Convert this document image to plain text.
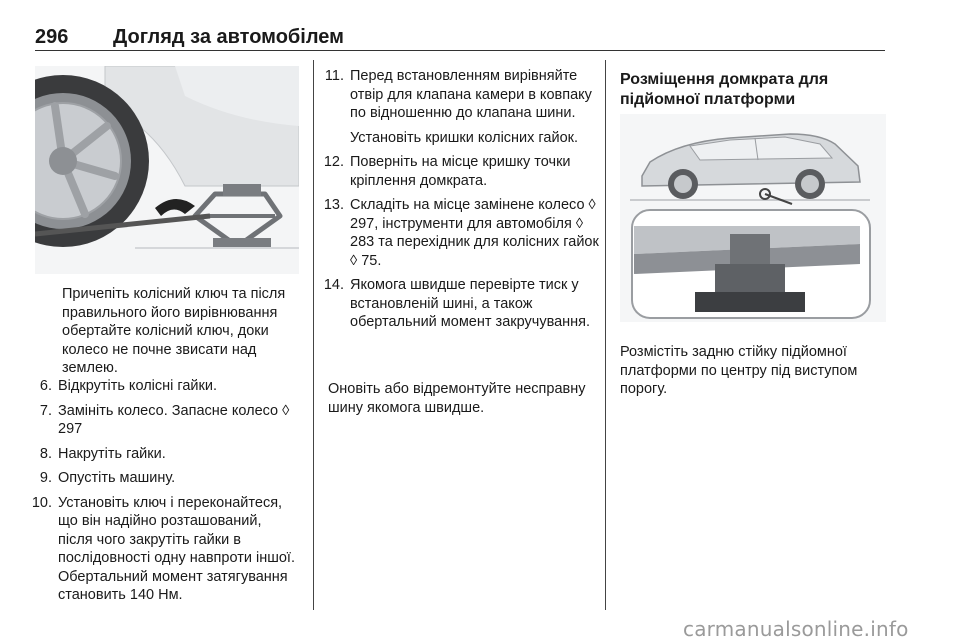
296 Догляд за автомобілем
Причепіть колісний ключ та після правильного його вирівнювання обертайте колісний ключ, доки колесо не почне звисати над землею.
6. Відкрутіть колісні гайки.
7. Замініть колесо. Запасне колесо ◊ 297
8. Накрутіть гайки.
9. Опустіть машину.
10. Установіть ключ і переконайтеся, що він надійно розташований, після чого закрутіть гайки в послідовності одну навпроти іншої. Обертальний момент затягування становить 140 Нм.
11. Перед встановленням вирівняйте отвір для клапана камери в ковпаку по відношенню до клапана шини.
Установіть кришки колісних гайок.
12. Поверніть на місце кришку точки кріплення домкрата.
13. Складіть на місце замінене колесо ◊ 297, інструменти для автомобіля ◊ 283 та перехідник для колісних гайок ◊ 75.
14. Якомога швидше перевірте тиск у встановленій шині, а також обертальний момент закручування.
Оновіть або відремонтуйте несправну шину якомога швидше.
Розміщення домкрата для підйомної платформи
Розмістіть задню стійку підйомної платформи по центру під виступом порогу.
carmanualsonline.info
